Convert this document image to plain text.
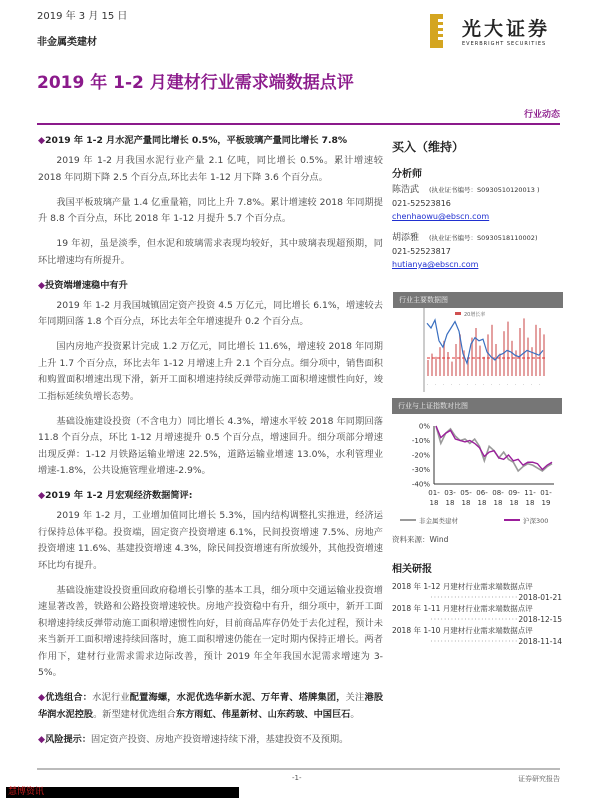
2019 年 3 月 15 日
非金属类建材
光大证券
EVERBRIGHT SECURITIES
2019 年 1-2 月建材行业需求端数据点评
行业动态
◆2019 年 1-2 月水泥产量同比增长 0.5%，平板玻璃产量同比增长 7.8%

2019 年 1-2 月我国水泥行业产量 2.1 亿吨，同比增长 0.5%。累计增速较 2018 年同期下降 2.5 个百分点,环比去年 1-12 月下降 3.6 个百分点。

我国平板玻璃产量 1.4 亿重量箱，同比上升 7.8%。累计增速较 2018 年同期提升 8.8 个百分点，环比 2018 年 1-12 月提升 5.7 个百分点。

19 年初，虽是淡季，但水泥和玻璃需求表现均较好，其中玻璃表现超预期，同环比增速均有所提升。

◆投资端增速稳中有升

2019 年 1-2 月我国城镇固定资产投资 4.5 万亿元，同比增长 6.1%，增速较去年同期回落 1.8 个百分点，环比去年全年增速提升 0.2 个百分点。

国内房地产投资累计完成 1.2 万亿元，同比增长 11.6%，增速较 2018 年同期上升 1.7 个百分点，环比去年 1-12 月增速上升 2.1 个百分点。细分项中，销售面积和购置面积增速出现下滑，新开工面积增速持续反弹带动施工面积增速惯性向好，竣工指标延续负增长态势。

基础设施建设投资（不含电力）同比增长 4.3%，增速水平较 2018 年同期回落 11.8 个百分点，环比 1-12 月增速提升 0.5 个百分点，增速回升。细分项部分增速出现反弹：1-12 月铁路运输业增速 22.5%，道路运输业增速 13.0%，水利管理业增速-1.8%，公共设施管理业增速-2.9%。

◆2019 年 1-2 月宏观经济数据简评:

2019 年 1-2 月，工业增加值同比增长 5.3%，国内结构调整扎实推进，经济运行保持总体平稳。投资端，固定资产投资增速 6.1%，民间投资增速 7.5%、房地产投资增速 11.6%、基建投资增速 4.3%，除民间投资增速有所放缓外，其他投资增速环比均有提升。

基础设施建设投资重回政府稳增长引擎的基本工具，细分项中交通运输业投资增速显著改善，铁路和公路投资增速较快。房地产投资稳中有升，细分项中，新开工面积增速持续反弹带动施工面积增速惯性向好，目前商品库存仍处于去化过程，预计未来当新开工面积增速持续回落时，施工面积增速仍能在一定时期内保持正增长。两者作用下，建材行业需求需求边际改善，预计 2019 年全年我国水泥需求增速为 3-5%。

◆优选组合：水泥行业配置海螺，水泥优选华新水泥、万年青、塔牌集团，关注港股华润水泥控股。新型建材优选组合东方雨虹、伟星新材、山东药玻、中国巨石。

◆风险提示：固定资产投资、房地产投资增速持续下滑，基建投资不及预期。

买入（维持）
分析师
陈浩武 (执业证书编号：S0930510120013 )
021-52523816
chenhaowu@ebscn.com
胡添雅 (执业证书编号：S0930518110002)
021-52523817
hutianya@ebscn.com
行业主要数据图
20增长率
· · · · · · · · · · · · · · ·
行业与上证指数对比图
0%
-10%
-20%
-30%
-40%
01-
18
03-
18
05-
18
06-
18
08-
18
09-
18
11-
18
01-
19
非金属类建材	沪深300
资料来源：Wind
相关研报
2018 年 1-12 月建材行业需求端数据点评
··························2018-01-21
2018 年 1-11 月建材行业需求端数据点评
··························2018-12-15
2018 年 1-10 月建材行业需求端数据点评
··························2018-11-14
-1-	证券研究报告
慧博资讯
